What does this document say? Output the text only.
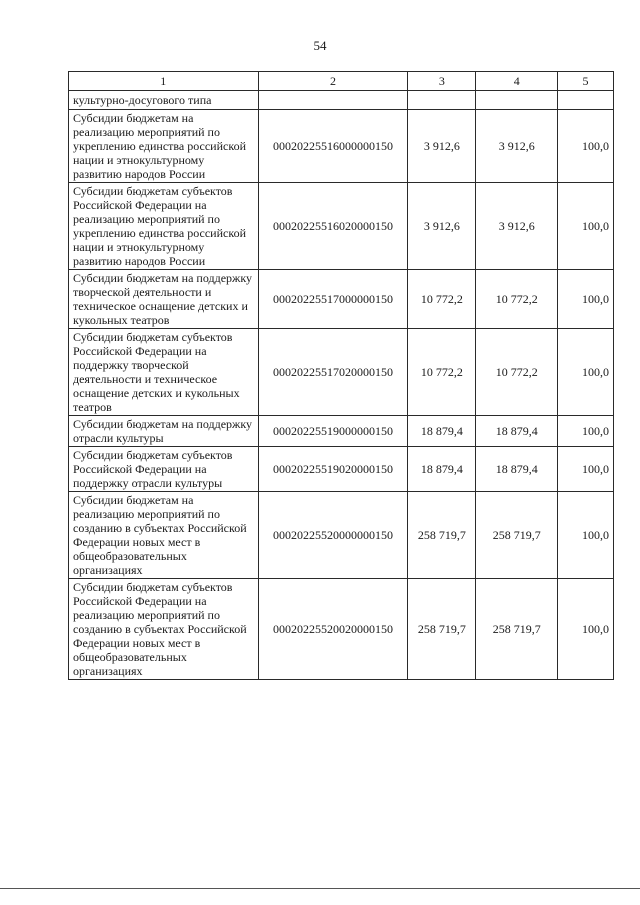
54
1	2	3	4	5
культурно-досугового типа				
Субсидии бюджетам на реализацию мероприятий по укреплению единства российской нации и этнокультурному развитию народов России	00020225516000000150	3 912,6	3 912,6	100,0
Субсидии бюджетам субъектов Российской Федерации на реализацию мероприятий по укреплению единства российской нации и этнокультурному развитию народов России	00020225516020000150	3 912,6	3 912,6	100,0
Субсидии бюджетам на поддержку творческой деятельности и техническое оснащение детских и кукольных театров	00020225517000000150	10 772,2	10 772,2	100,0
Субсидии бюджетам субъектов Российской Федерации на поддержку творческой деятельности и техническое оснащение детских и кукольных театров	00020225517020000150	10 772,2	10 772,2	100,0
Субсидии бюджетам на поддержку отрасли культуры	00020225519000000150	18 879,4	18 879,4	100,0
Субсидии бюджетам субъектов Российской Федерации на поддержку отрасли культуры	00020225519020000150	18 879,4	18 879,4	100,0
Субсидии бюджетам на реализацию мероприятий по созданию в субъектах Российской Федерации новых мест в общеобразовательных организациях	00020225520000000150	258 719,7	258 719,7	100,0
Субсидии бюджетам субъектов Российской Федерации на реализацию мероприятий по созданию в субъектах Российской Федерации новых мест в общеобразовательных организациях	00020225520020000150	258 719,7	258 719,7	100,0
